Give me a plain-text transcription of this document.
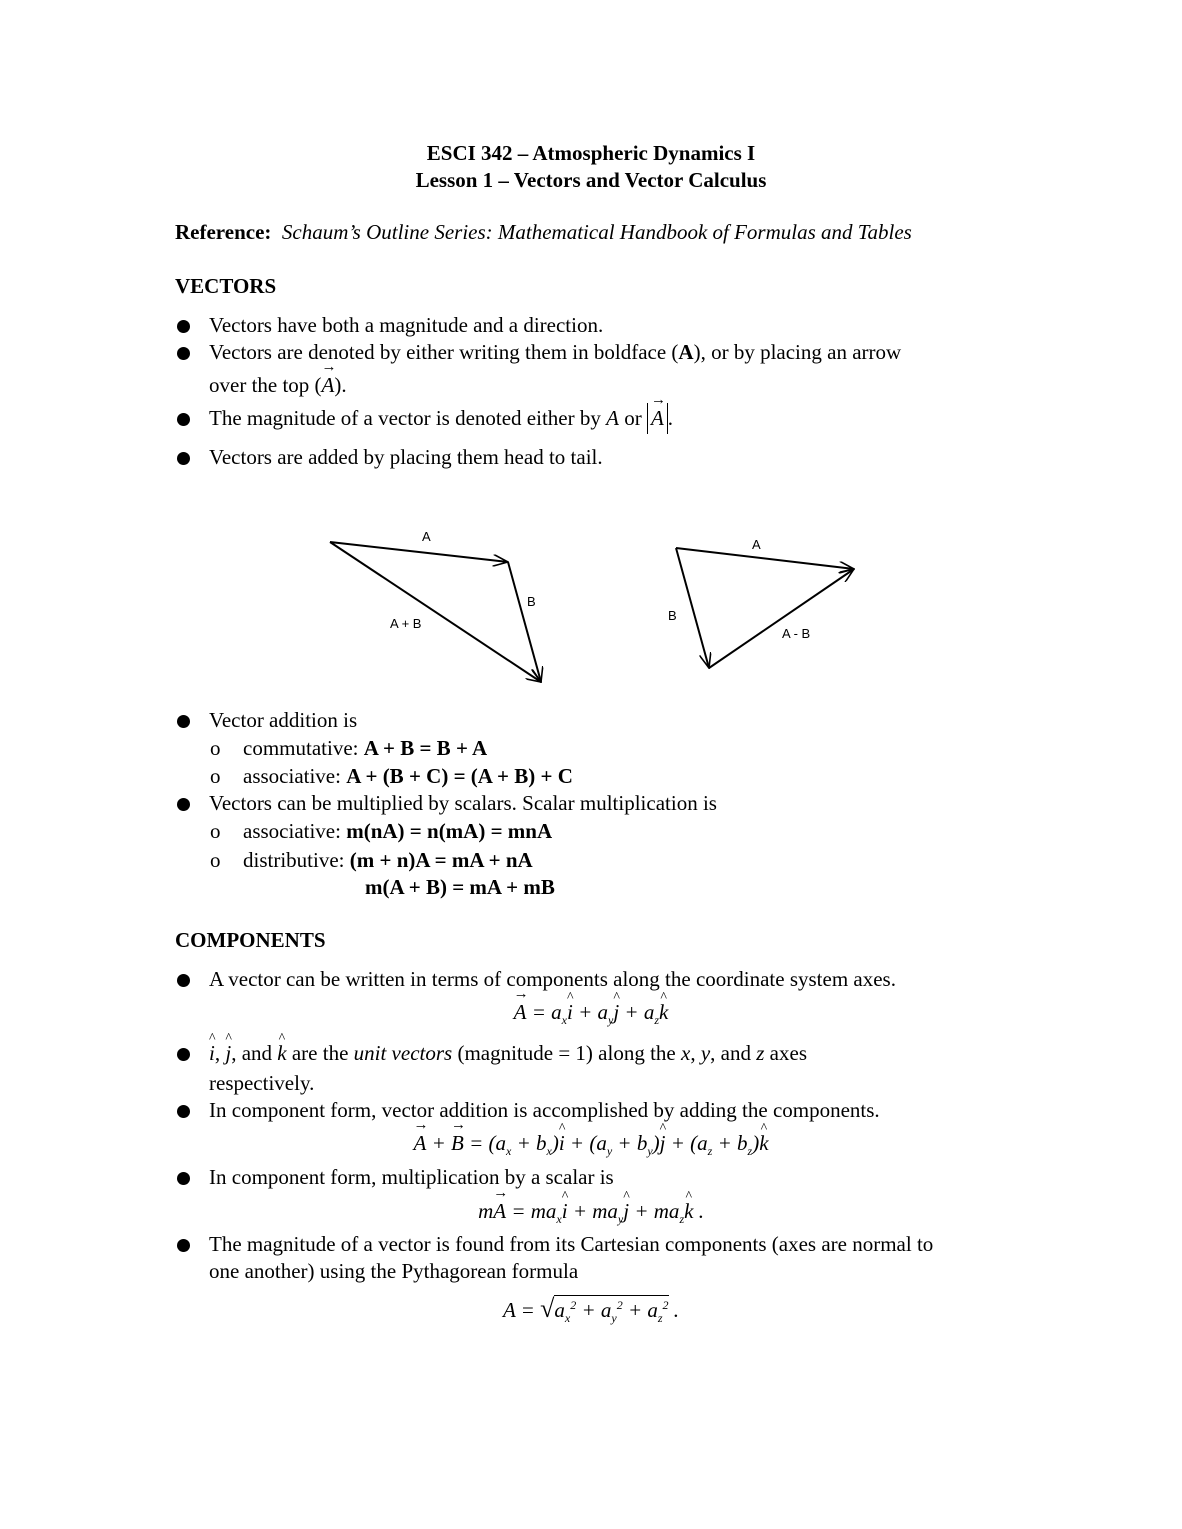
ESCI 342 – Atmospheric Dynamics I
Lesson 1 – Vectors and Vector Calculus
Reference: Schaum’s Outline Series: Mathematical Handbook of Formulas and Tables
VECTORS
Vectors have both a magnitude and a direction.
Vectors are denoted by either writing them in boldface (A), or by placing an arrow
over the top (→ A).
The magnitude of a vector is denoted either by A or → A .
Vectors are added by placing them head to tail.
A
B
A + B
A
B
A - B
Vector addition is
o commutative: A + B = B + A
o associative: A + (B + C) = (A + B) + C
Vectors can be multiplied by scalars. Scalar multiplication is
o associative: m(nA) = n(mA) = mnA
o distributive: (m + n)A = mA + nA
m(A + B) = mA + mB
COMPONENTS
A vector can be written in terms of components along the coordinate system axes.
→ $A = a_x\^{}$ $i + a_y\^{}$ $j + a_z\^{}$ k
^ i, ^ j, and ^ k are the unit vectors (magnitude = 1) along the x, y, and z axes
respectively.
In component form, vector addition is accomplished by adding the components.
→ A + → $B = (a_x$ + $b_x)\^{}$ $i + (a_y$ + $b_y)\^{}$ $j + (a_z$ + $b_z)\^{}$ k
In component form, multiplication by a scalar is
$m\to A = ma_x\^{}$ $i + ma_y\^{}$ $j + ma_z\^{}$ k .
The magnitude of a vector is found from its Cartesian components (axes are normal to
one another) using the Pythagorean formula
$A = √a_x^2 + a_y^2 + a_z^2$ .
